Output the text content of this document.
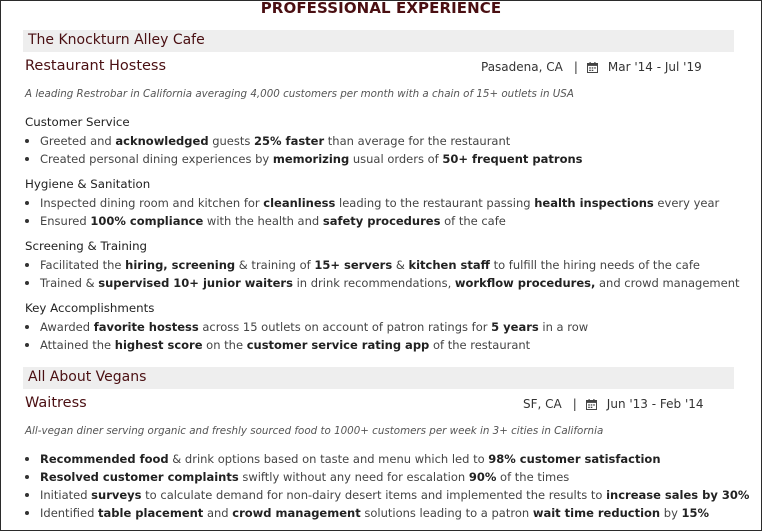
PROFESSIONAL EXPERIENCE
The Knockturn Alley Cafe
Restaurant Hostess	Pasadena, CA |	Mar '14 - Jul '19
A leading Restrobar in California averaging 4,000 customers per month with a chain of 15+ outlets in USA
Customer Service
Greeted and acknowledged guests 25% faster than average for the restaurant
Created personal dining experiences by memorizing usual orders of 50+ frequent patrons
Hygiene & Sanitation
Inspected dining room and kitchen for cleanliness leading to the restaurant passing health inspections every year
Ensured 100% compliance with the health and safety procedures of the cafe
Screening & Training
Facilitated the hiring, screening & training of 15+ servers & kitchen staff to fulfill the hiring needs of the cafe
Trained & supervised 10+ junior waiters in drink recommendations, workflow procedures, and crowd management
Key Accomplishments
Awarded favorite hostess across 15 outlets on account of patron ratings for 5 years in a row
Attained the highest score on the customer service rating app of the restaurant
All About Vegans
Waitress	SF, CA |	Jun '13 - Feb '14
All-vegan diner serving organic and freshly sourced food to 1000+ customers per week in 3+ cities in California
Recommended food & drink options based on taste and menu which led to 98% customer satisfaction
Resolved customer complaints swiftly without any need for escalation 90% of the times
Initiated surveys to calculate demand for non-dairy desert items and implemented the results to increase sales by 30%
Identified table placement and crowd management solutions leading to a patron wait time reduction by 15%
